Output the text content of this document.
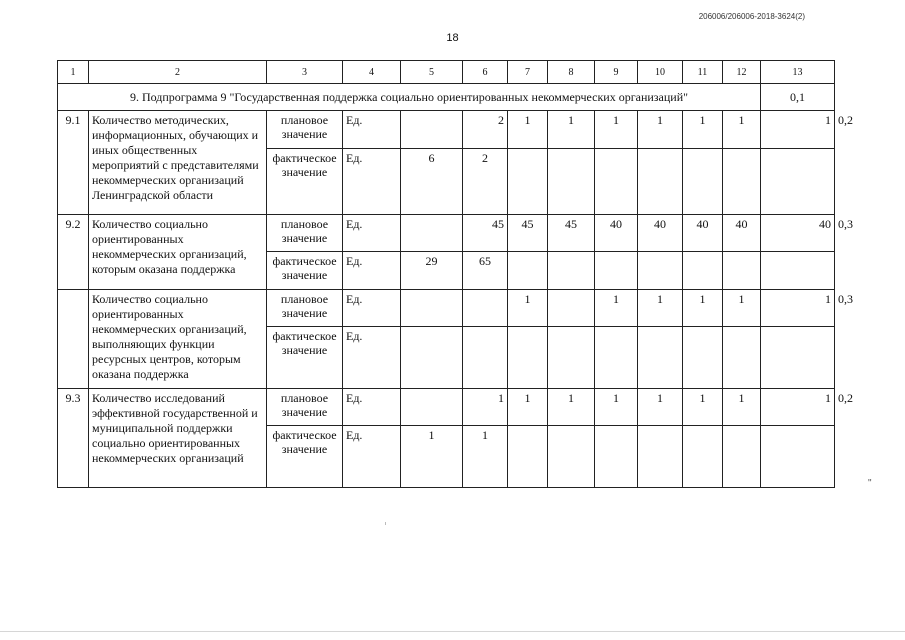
206006/206006-2018-3624(2)
18
1	2	3	4	5	6	7	8	9	10	11	12	13	
9. Подпрограмма 9 "Государственная поддержка социально ориентированных некоммерческих организаций"												0,1	
9.1	Количество методических, информационных, обучающих и иных общественных мероприятий с представителями некоммерческих организаций Ленинградской области	плановое значение	Ед.		2	1	1	1	1	1	1	1	0,2
		фактическое значение	Ед.	6	2								
9.2	Количество социально ориентированных некоммерческих организаций, которым оказана поддержка	плановое значение	Ед.		45	45	45	40	40	40	40	40	0,3
		фактическое значение	Ед.	29	65								
	Количество социально ориентированных некоммерческих организаций, выполняющих функции ресурсных центров, которым оказана поддержка	плановое значение	Ед.			1		1	1	1	1	1	0,3
		фактическое значение	Ед.										
9.3	Количество исследований эффективной государственной и муниципальной поддержки социально ориентированных некоммерческих организаций	плановое значение	Ед.		1	1	1	1	1	1	1	1	0,2
		фактическое значение	Ед.	1	1								
"
